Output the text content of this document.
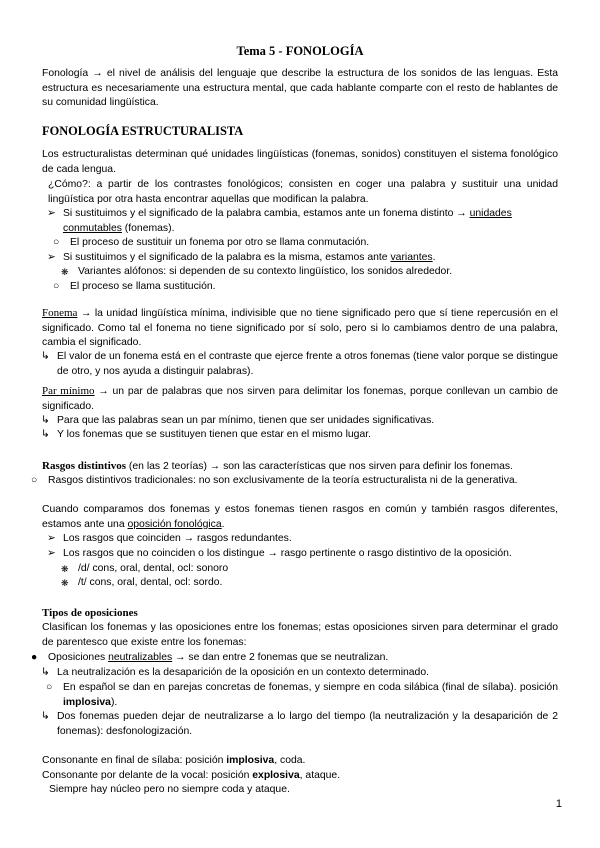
Tema 5 - FONOLOGÍA
Fonología → el nivel de análisis del lenguaje que describe la estructura de los sonidos de las lenguas. Esta estructura es necesariamente una estructura mental, que cada hablante comparte con el resto de hablantes de su comunidad lingüística.
FONOLOGÍA ESTRUCTURALISTA
Los estructuralistas determinan qué unidades lingüísticas (fonemas, sonidos) constituyen el sistema fonológico de cada lengua.
¿Cómo?: a partir de los contrastes fonológicos; consisten en coger una palabra y sustituir una unidad lingüística por otra hasta encontrar aquellas que modifican la palabra.
➢ Si sustituimos y el significado de la palabra cambia, estamos ante un fonema distinto → unidades conmutables (fonemas).
○ El proceso de sustituir un fonema por otro se llama conmutación.
➢ Si sustituimos y el significado de la palabra es la misma, estamos ante variantes.
❋ Variantes alófonos: si dependen de su contexto lingüístico, los sonidos alrededor.
○ El proceso se llama sustitución.
Fonema → la unidad lingüística mínima, indivisible que no tiene significado pero que sí tiene repercusión en el significado. Como tal el fonema no tiene significado por sí solo, pero si lo cambiamos dentro de una palabra, cambia el significado.
↳ El valor de un fonema está en el contraste que ejerce frente a otros fonemas (tiene valor porque se distingue de otro, y nos ayuda a distinguir palabras).
Par mínimo → un par de palabras que nos sirven para delimitar los fonemas, porque conllevan un cambio de significado.
↳ Para que las palabras sean un par mínimo, tienen que ser unidades significativas.
↳ Y los fonemas que se sustituyen tienen que estar en el mismo lugar.
Rasgos distintivos (en las 2 teorías) → son las características que nos sirven para definir los fonemas.
○ Rasgos distintivos tradicionales: no son exclusivamente de la teoría estructuralista ni de la generativa.
Cuando comparamos dos fonemas y estos fonemas tienen rasgos en común y también rasgos diferentes, estamos ante una oposición fonológica.
➢ Los rasgos que coinciden → rasgos redundantes.
➢ Los rasgos que no coinciden o los distingue → rasgo pertinente o rasgo distintivo de la oposición.
❋ /d/ cons, oral, dental, ocl: sonoro
❋ /t/ cons, oral, dental, ocl: sordo.
Tipos de oposiciones
Clasifican los fonemas y las oposiciones entre los fonemas; estas oposiciones sirven para determinar el grado de parentesco que existe entre los fonemas:
● Oposiciones neutralizables → se dan entre 2 fonemas que se neutralizan.
↳ La neutralización es la desaparición de la oposición en un contexto determinado.
○ En español se dan en parejas concretas de fonemas, y siempre en coda silábica (final de sílaba). posición implosiva).
↳ Dos fonemas pueden dejar de neutralizarse a lo largo del tiempo (la neutralización y la desaparición de 2 fonemas): desfonologización.
Consonante en final de sílaba: posición implosiva, coda.
Consonante por delante de la vocal: posición explosiva, ataque.
Siempre hay núcleo pero no siempre coda y ataque.
1
